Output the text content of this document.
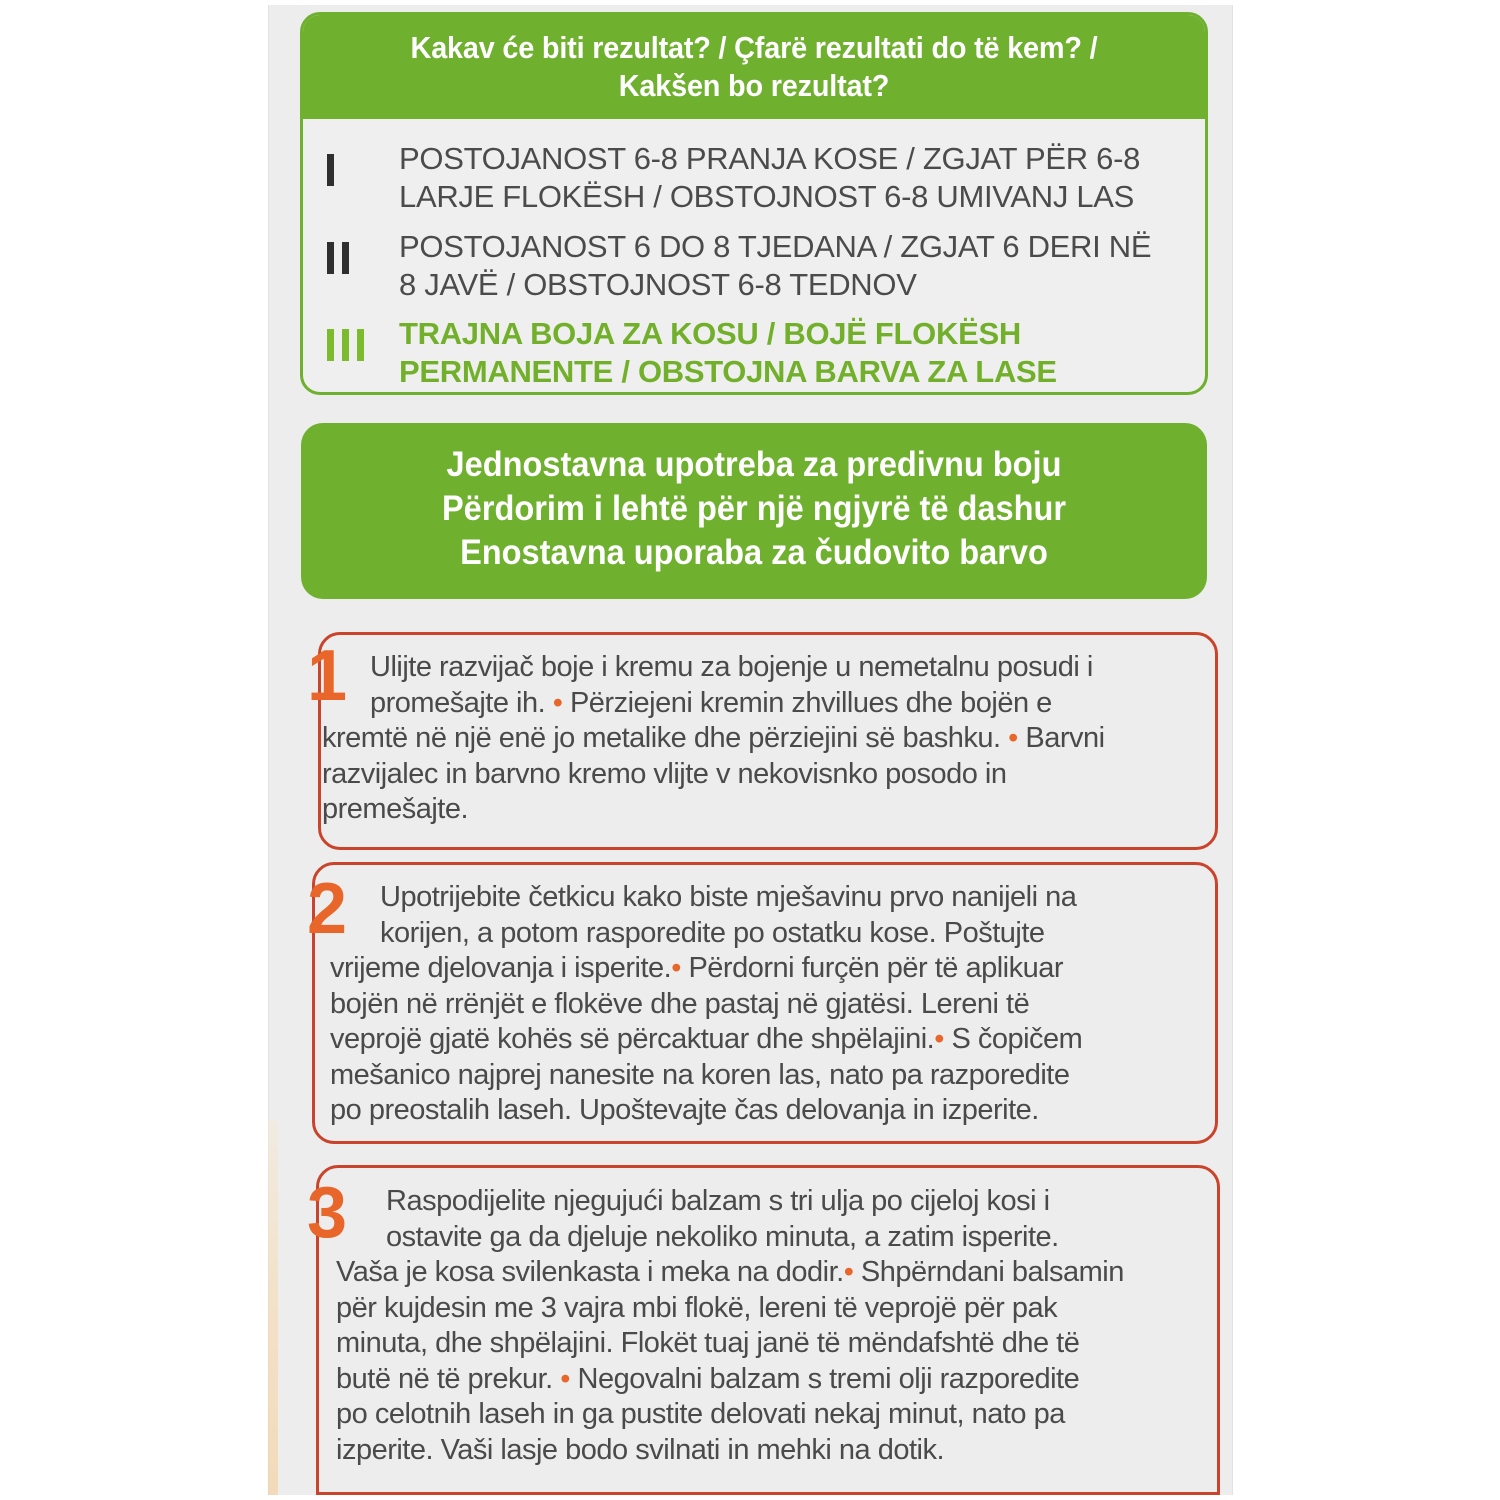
Kakav će biti rezultat? / Çfarë rezultati do të kem? /
Kakšen bo rezultat?
POSTOJANOST 6-8 PRANJA KOSE / ZGJAT PËR 6-8
LARJE FLOKËSH / OBSTOJNOST 6-8 UMIVANJ LAS
POSTOJANOST 6 DO 8 TJEDANA / ZGJAT 6 DERI NË
8 JAVË / OBSTOJNOST 6-8 TEDNOV
TRAJNA BOJA ZA KOSU / BOJË FLOKËSH
PERMANENTE / OBSTOJNA BARVA ZA LASE
Jednostavna upotreba za predivnu boju
Përdorim i lehtë për një ngjyrë të dashur
Enostavna uporaba za čudovito barvo
1 Ulijte razvijač boje i kremu za bojenje u nemetalnu posudi i
promešajte ih. • Përziejeni kremin zhvillues dhe bojën e
kremtë në një enë jo metalike dhe përziejini së bashku. • Barvni
razvijalec in barvno kremo vlijte v nekovisnko posodo in
premešajte.
2 Upotrijebite četkicu kako biste mješavinu prvo nanijeli na
korijen, a potom rasporedite po ostatku kose. Poštujte
vrijeme djelovanja i isperite.• Përdorni furçën për të aplikuar
bojën në rrënjët e flokëve dhe pastaj në gjatësi. Lereni të
veprojë gjatë kohës së përcaktuar dhe shpëlajini.• S čopičem
mešanico najprej nanesite na koren las, nato pa razporedite
po preostalih laseh. Upoštevajte čas delovanja in izperite.
3 Raspodijelite njegujući balzam s tri ulja po cijeloj kosi i
ostavite ga da djeluje nekoliko minuta, a zatim isperite.
Vaša je kosa svilenkasta i meka na dodir.• Shpërndani balsamin
për kujdesin me 3 vajra mbi flokë, lereni të veprojë për pak
minuta, dhe shpëlajini. Flokët tuaj janë të mëndafshtë dhe të
butë në të prekur. • Negovalni balzam s tremi olji razporedite
po celotnih laseh in ga pustite delovati nekaj minut, nato pa
izperite. Vaši lasje bodo svilnati in mehki na dotik.
